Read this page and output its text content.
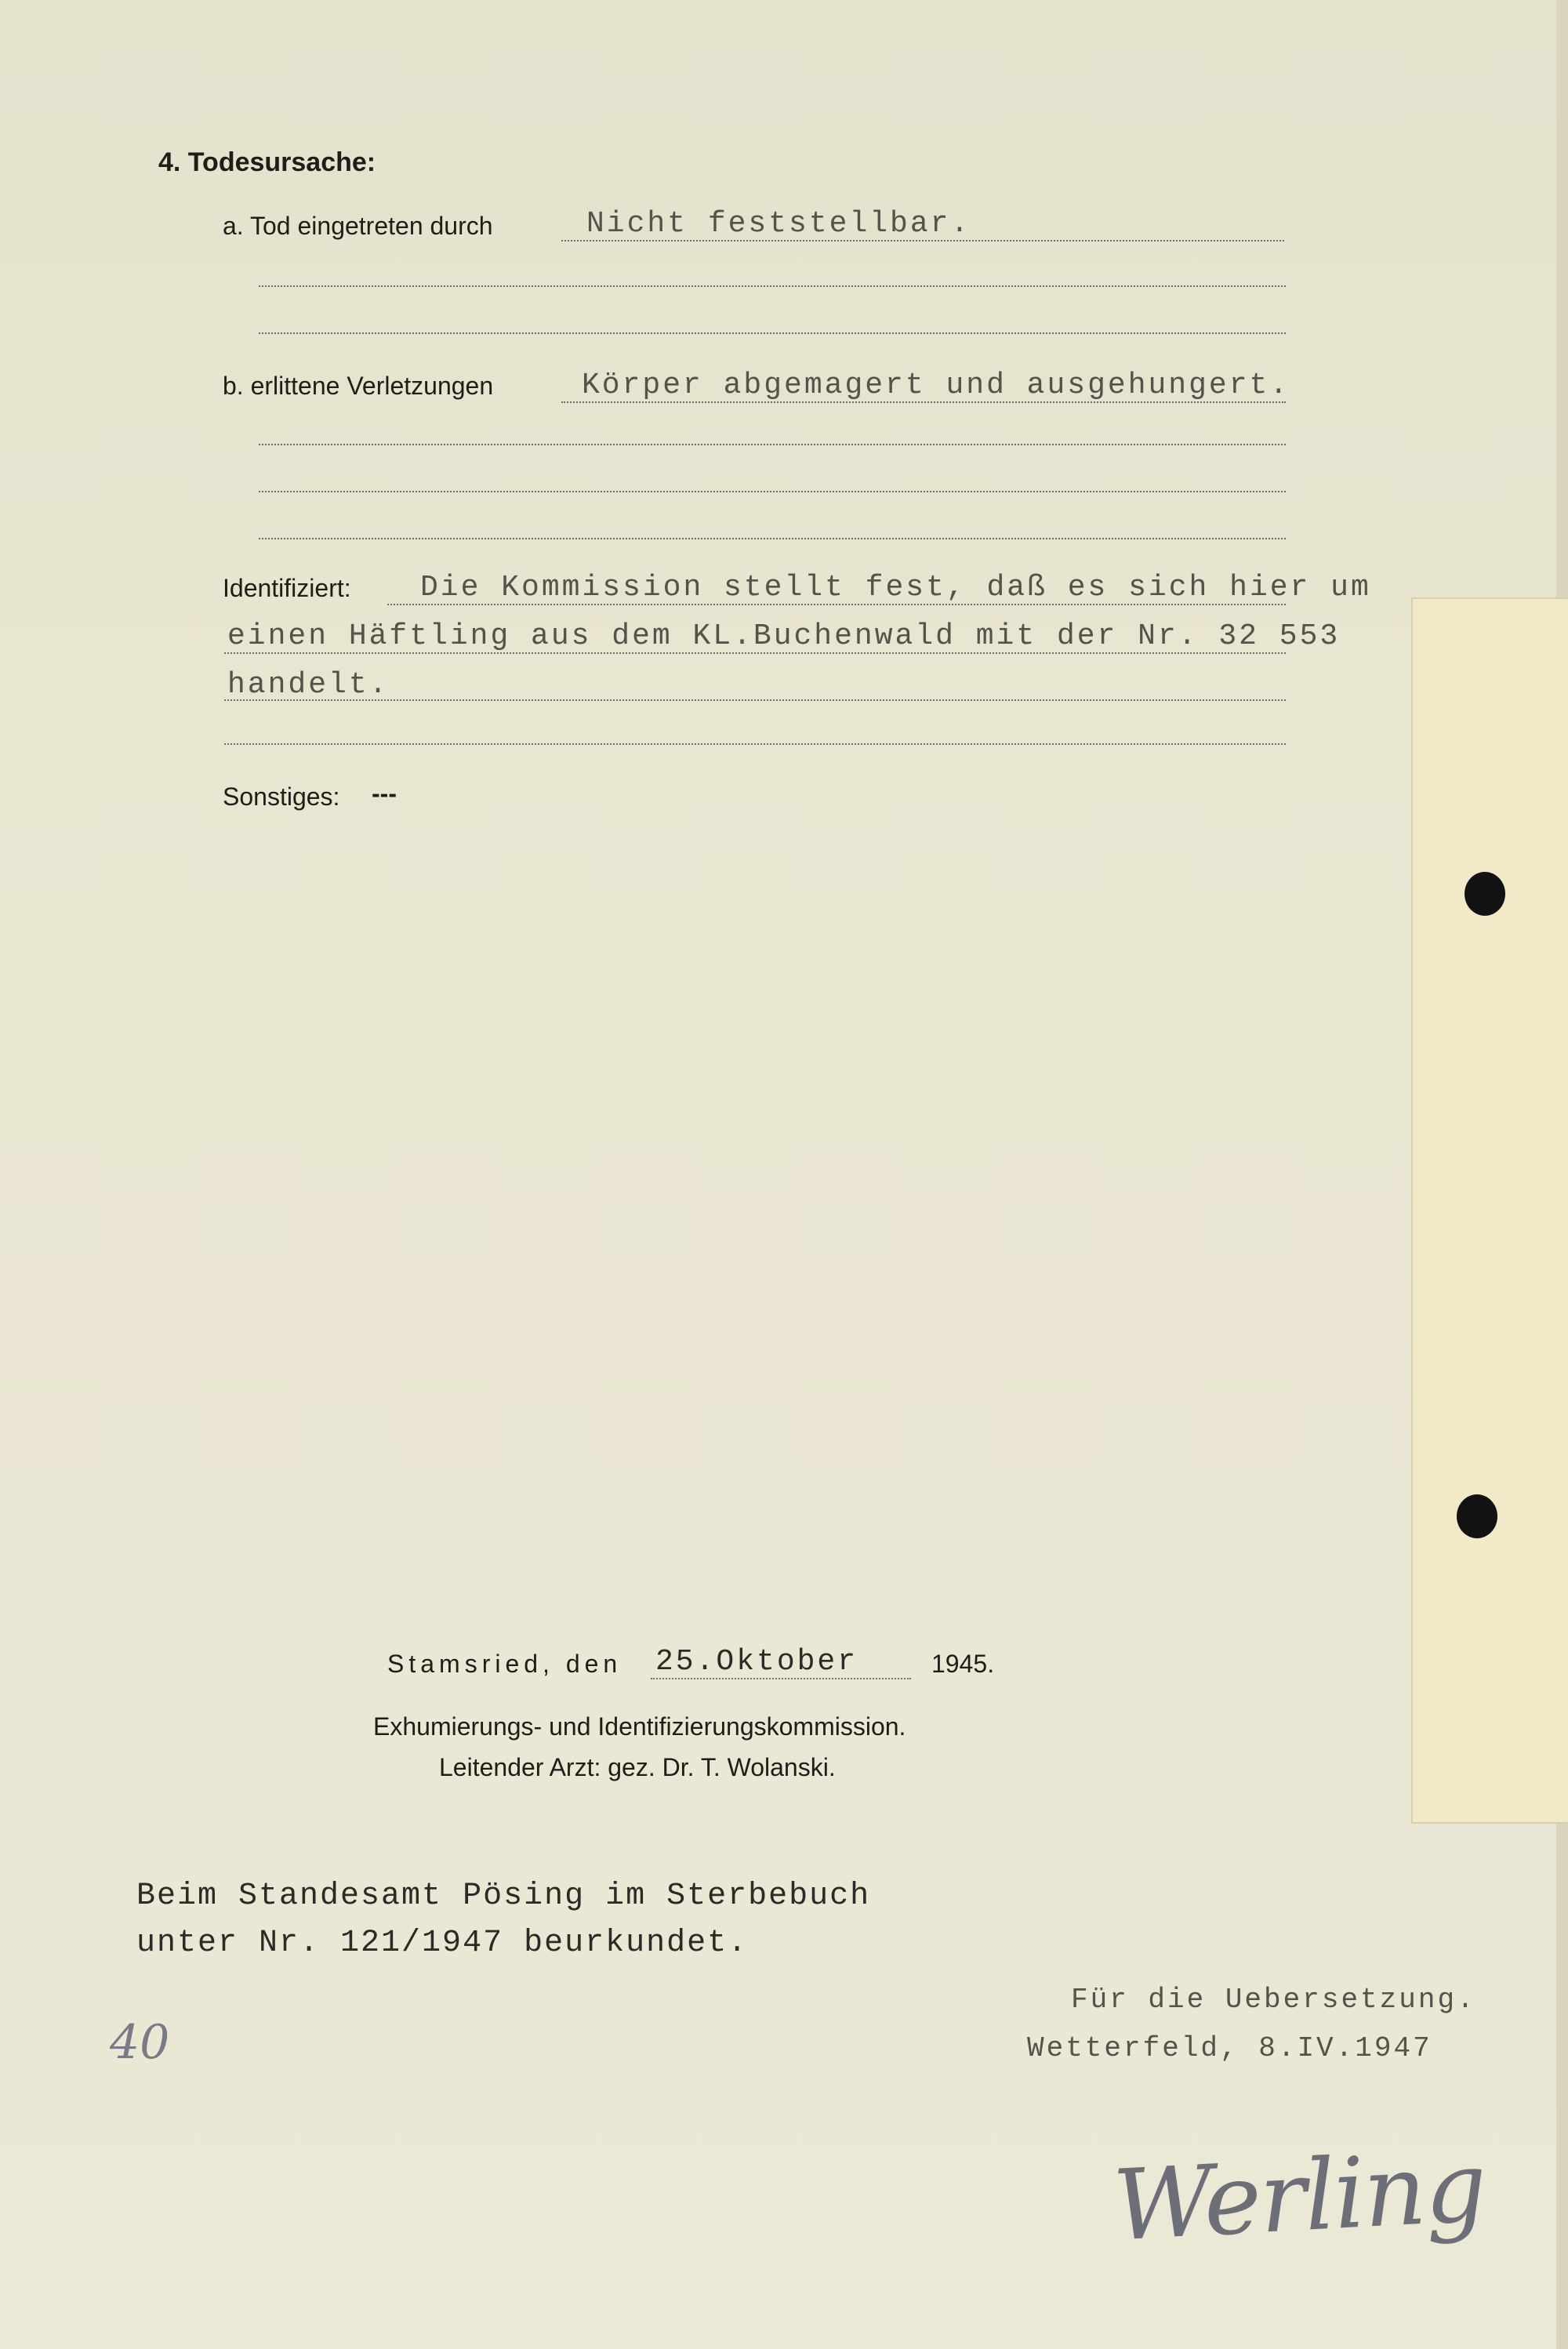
4. Todesursache:
a. Tod eingetreten durch	Nicht feststellbar.
b. erlittene Verletzungen	Körper abgemagert und ausgehungert.
Identifiziert: Die Kommission stellt fest, daß es sich hier um
einen Häftling aus dem KL.Buchenwald mit der Nr. 32 553
handelt.
Sonstiges: ---
Stamsried, den 25.Oktober	1945.
Exhumierungs- und Identifizierungskommission.
Leitender Arzt: gez. Dr. T. Wolanski.
Beim Standesamt Pösing im Sterbebuch
unter Nr. 121/1947 beurkundet.
40
Für die Uebersetzung.
Wetterfeld, 8.IV.1947
Werling
